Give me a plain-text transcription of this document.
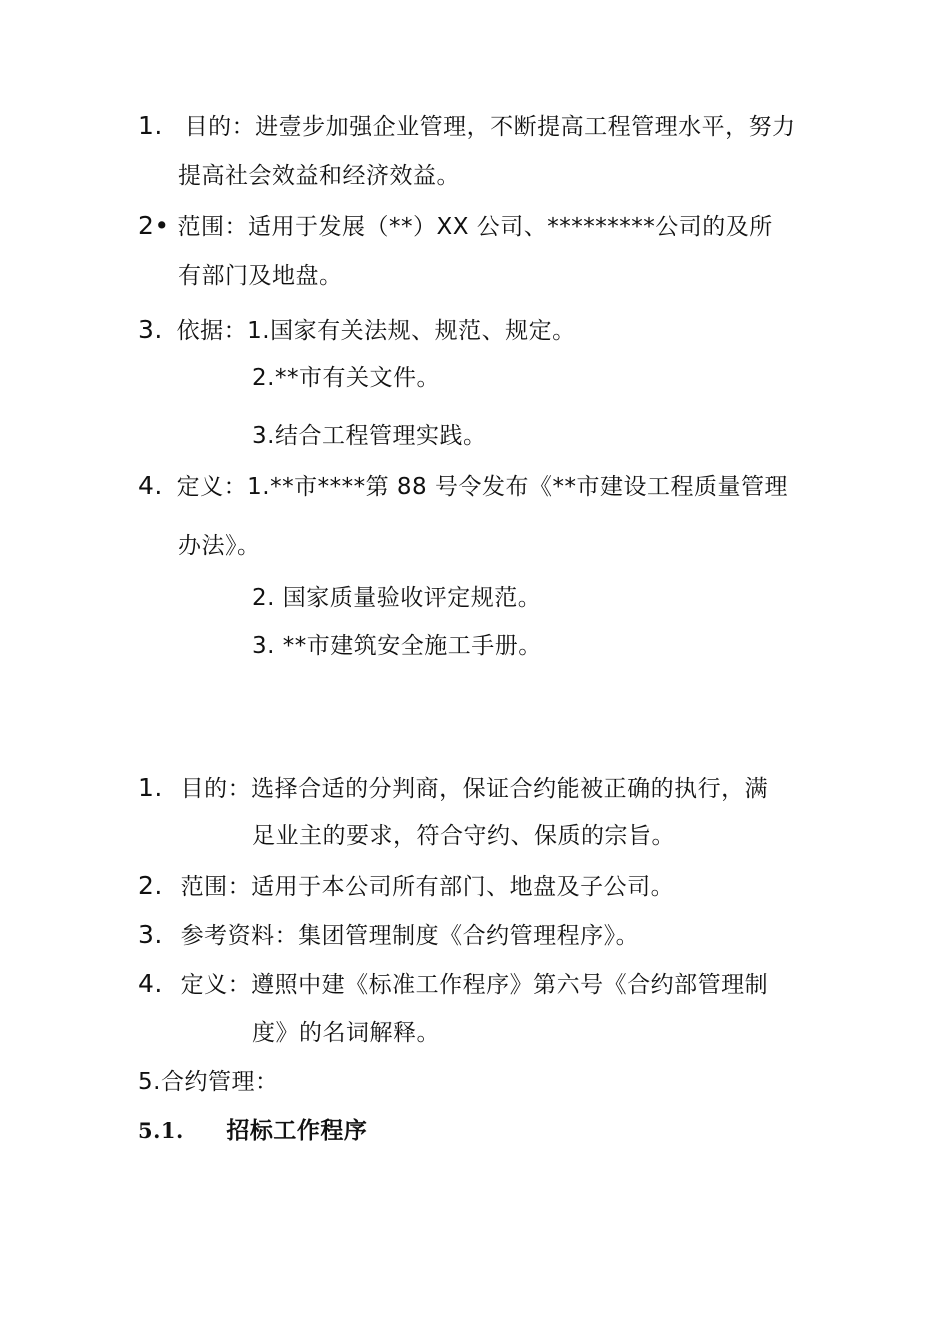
1. 目的：进壹步加强企业管理，不断提高工程管理水平，努力
提高社会效益和经济效益。
2• 范围：适用于发展（**）XX 公司、*********公司的及所
有部门及地盘。
3. 依据：1.国家有关法规、规范、规定。
2.**市有关文件。
3.结合工程管理实践。
4. 定义：1.**市****第 88 号令发布《**市建设工程质量管理
办法》。
2. 国家质量验收评定规范。
3. **市建筑安全施工手册。
1. 目的：选择合适的分判商，保证合约能被正确的执行，满
足业主的要求，符合守约、保质的宗旨。
2. 范围：适用于本公司所有部门、地盘及子公司。
3. 参考资料：集团管理制度《合约管理程序》。
4. 定义：遵照中建《标准工作程序》第六号《合约部管理制
度》的名词解释。
5.合约管理：
5.1. 招标工作程序
